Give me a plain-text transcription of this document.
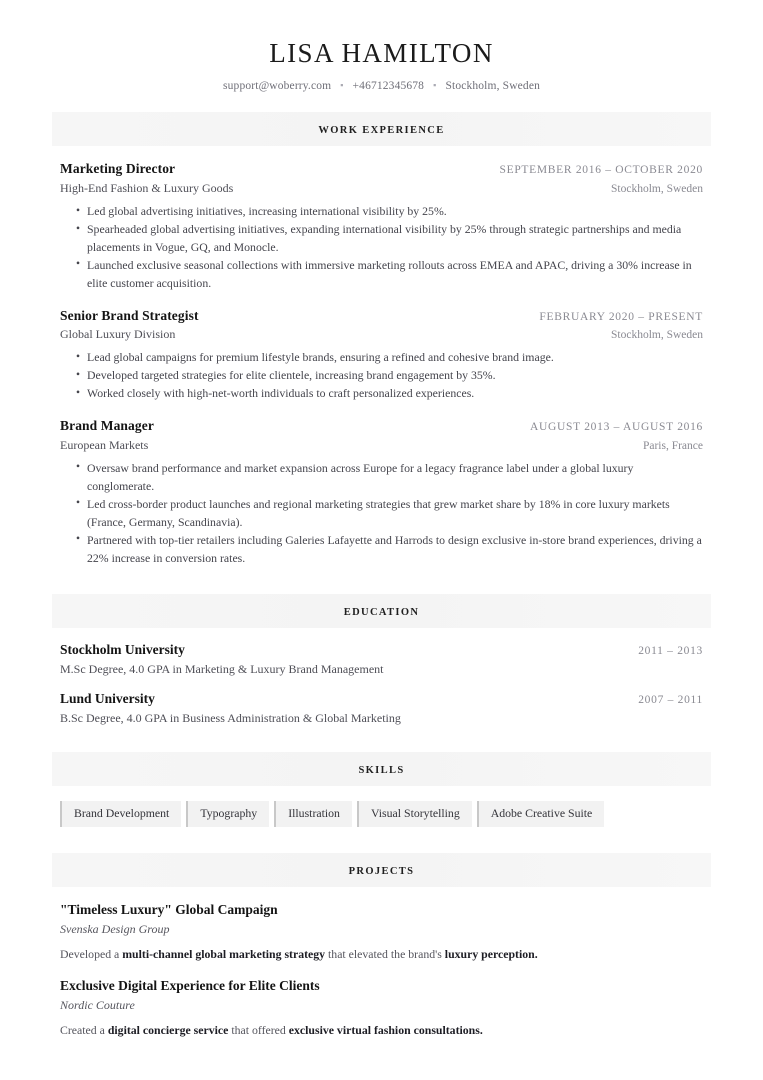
LISA HAMILTON
support@woberry.com	▪ +46712345678	▪ Stockholm, Sweden
WORK EXPERIENCE
Marketing Director	SEPTEMBER 2016 – OCTOBER 2020
High-End Fashion & Luxury Goods	Stockholm, Sweden
• Led global advertising initiatives, increasing international visibility by 25%.
• Spearheaded global advertising initiatives, expanding international visibility by 25% through strategic partnerships and media placements in Vogue, GQ, and Monocle.
• Launched exclusive seasonal collections with immersive marketing rollouts across EMEA and APAC, driving a 30% increase in elite customer acquisition.
Senior Brand Strategist	FEBRUARY 2020 – PRESENT
Global Luxury Division	Stockholm, Sweden
• Lead global campaigns for premium lifestyle brands, ensuring a refined and cohesive brand image.
• Developed targeted strategies for elite clientele, increasing brand engagement by 35%.
• Worked closely with high-net-worth individuals to craft personalized experiences.
Brand Manager	AUGUST 2013 – AUGUST 2016
European Markets	Paris, France
• Oversaw brand performance and market expansion across Europe for a legacy fragrance label under a global luxury conglomerate.
• Led cross-border product launches and regional marketing strategies that grew market share by 18% in core luxury markets (France, Germany, Scandinavia).
• Partnered with top-tier retailers including Galeries Lafayette and Harrods to design exclusive in-store brand experiences, driving a 22% increase in conversion rates.
EDUCATION
Stockholm University	2011 – 2013
M.Sc Degree, 4.0 GPA in Marketing & Luxury Brand Management
Lund University	2007 – 2011
B.Sc Degree, 4.0 GPA in Business Administration & Global Marketing
SKILLS
Brand Development	Typography	Illustration	Visual Storytelling	Adobe Creative Suite
PROJECTS
"Timeless Luxury" Global Campaign
Svenska Design Group
Developed a multi-channel global marketing strategy that elevated the brand's luxury perception.
Exclusive Digital Experience for Elite Clients
Nordic Couture
Created a digital concierge service that offered exclusive virtual fashion consultations.
